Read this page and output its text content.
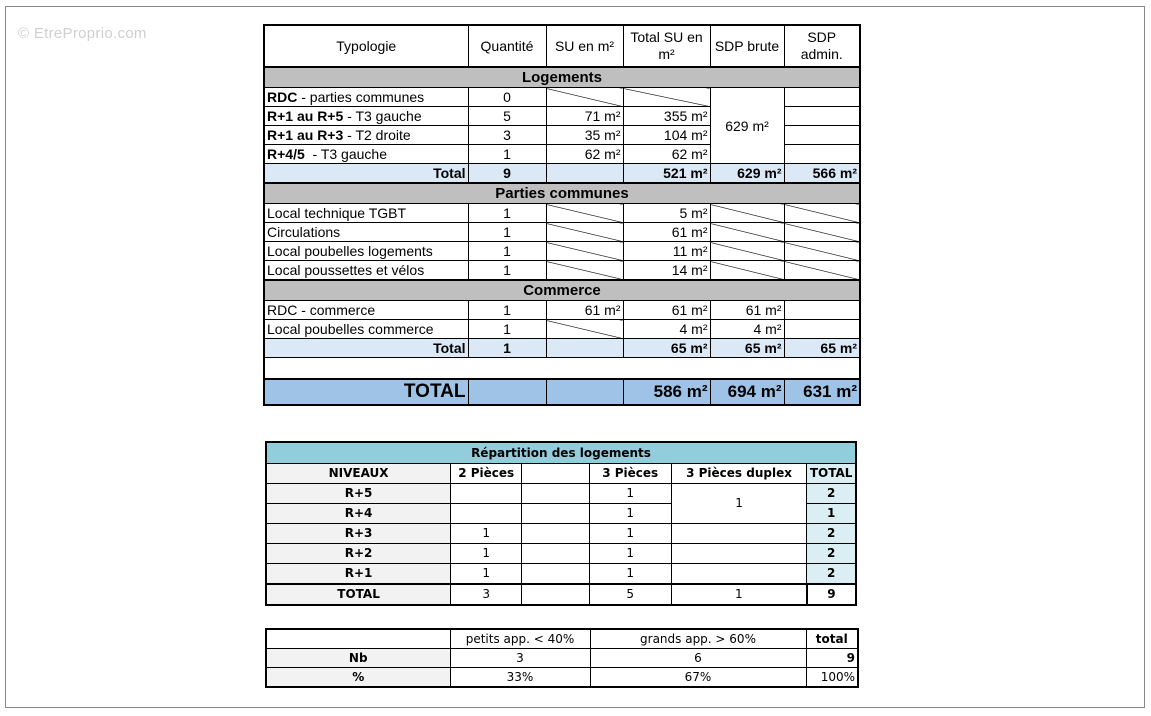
© EtreProprio.com
Typologie	Quantité	SU en m²	Total SU en m²	SDP brute	SDP admin.
Logements					
RDC - parties communes	0			629 m²	
R+1 au R+5 - T3 gauche	5	71 m²	355 m²		
R+1 au R+3 - T2 droite	3	35 m²	104 m²		
R+4/5  - T3 gauche	1	62 m²	62 m²		
Total	9		521 m²	629 m²	566 m²
Parties communes					
Local technique TGBT	1		5 m²		
Circulations	1		61 m²		
Local poubelles logements	1		11 m²		
Local poussettes et vélos	1		14 m²		
Commerce					
RDC - commerce	1	61 m²	61 m²	61 m²	
Local poubelles commerce	1		4 m²	4 m²	
Total	1		65 m²	65 m²	65 m²

TOTAL			586 m²	694 m²	631 m²
Répartition des logements					
NIVEAUX	2 Pièces		3 Pièces	3 Pièces duplex	TOTAL
R+5			1	1	2
R+4			1		1
R+3	1		1		2
R+2	1		1		2
R+1	1		1		2
TOTAL	3		5	1	9
	petits app. < 40%	grands app. > 60%	total
Nb	3	6	9
%	33%	67%	100%
